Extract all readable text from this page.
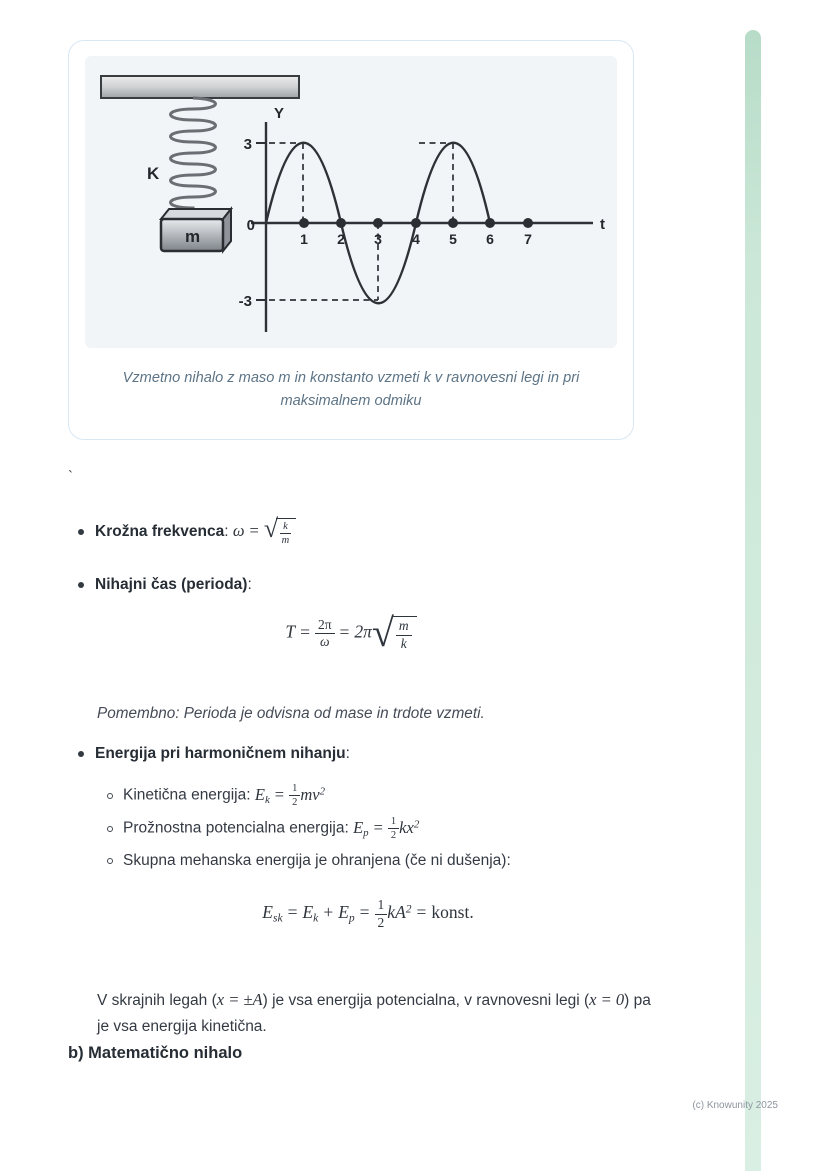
K
m
Y
t
0
3
-3
1 2 3 4 5 6 7
Vzmetno nihalo z maso m in konstanto vzmeti k v ravnovesni legi in pri maksimalnem odmiku
`
Krožna frekvenca: ω = √ $\frac{k}{m}$
Nihajni čas (perioda):
$T = \frac{2\pi}{\omega} = 2\pi$ √ $\frac{m}{k}$
Pomembno: Perioda je odvisna od mase in trdote vzmeti.
Energija pri harmoničnem nihanju:
Kinetična energija: $Ek = \frac{1}{2} mv^2$
Prožnostna potencialna energija: $Ep = \frac{1}{2} kx^2$
Skupna mehanska energija je ohranjena (če ni dušenja):
Esk = $Ek + Ep = \frac{1}{2} kA^2$ = konst.

V skrajnih legah (x = ±A) je vsa energija potencialna, v ravnovesni legi (x = 0) pa je vsa energija kinetična.

b) Matematično nihalo
(c) Knowunity 2025
